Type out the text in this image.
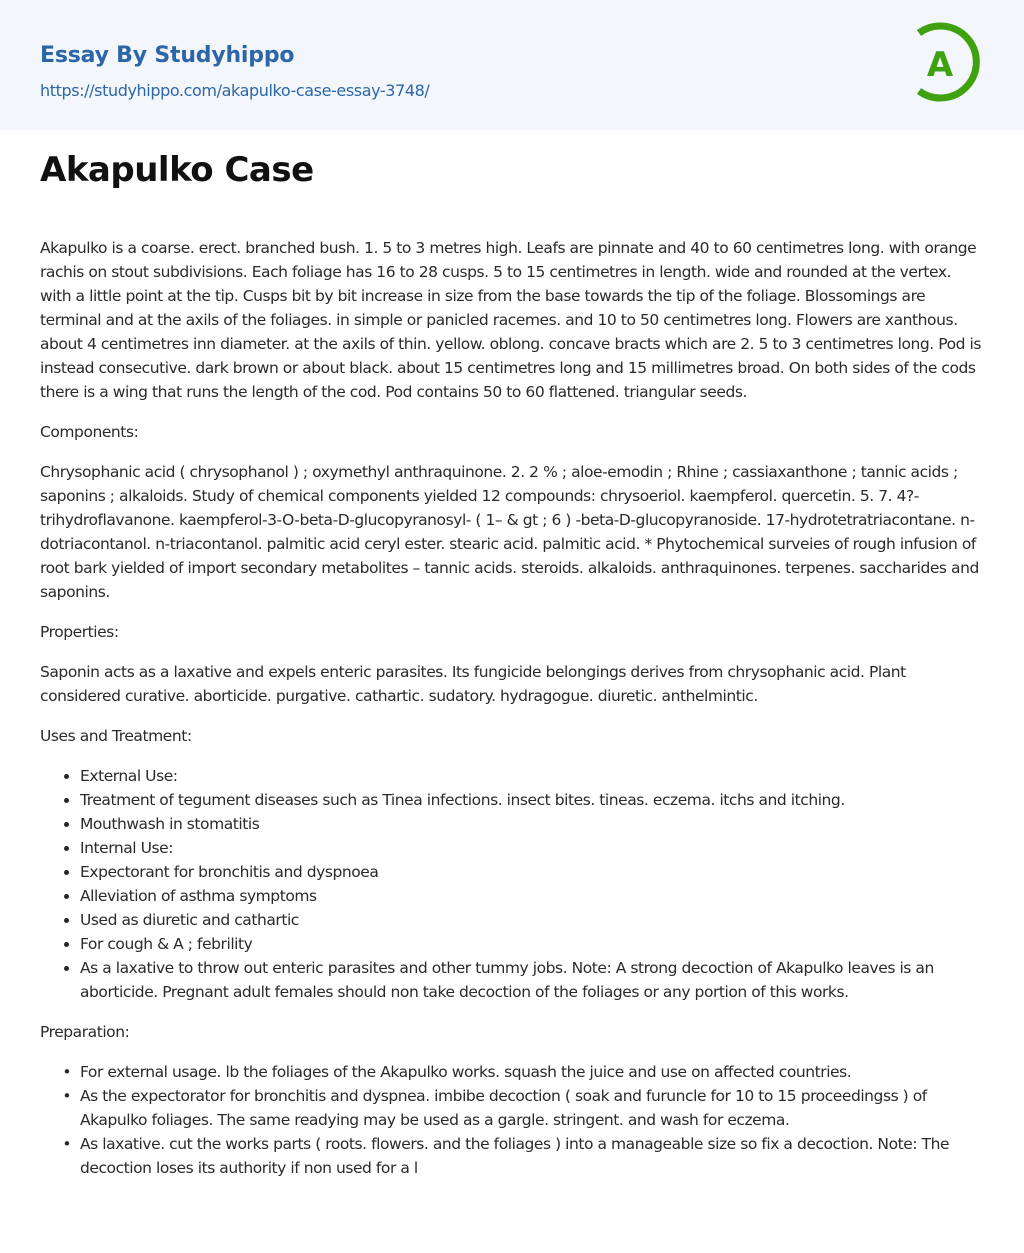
Essay By Studyhippo
https://studyhippo.com/akapulko-case-essay-3748/
A
Akapulko Case

Akapulko is a coarse. erect. branched bush. 1. 5 to 3 metres high. Leafs are pinnate and 40 to 60 centimetres long. with orange rachis on stout subdivisions. Each foliage has 16 to 28 cusps. 5 to 15 centimetres in length. wide and rounded at the vertex. with a little point at the tip. Cusps bit by bit increase in size from the base towards the tip of the foliage. Blossomings are terminal and at the axils of the foliages. in simple or panicled racemes. and 10 to 50 centimetres long. Flowers are xanthous. about 4 centimetres inn diameter. at the axils of thin. yellow. oblong. concave bracts which are 2. 5 to 3 centimetres long. Pod is instead consecutive. dark brown or about black. about 15 centimetres long and 15 millimetres broad. On both sides of the cods there is a wing that runs the length of the cod. Pod contains 50 to 60 flattened. triangular seeds.

Components:

Chrysophanic acid ( chrysophanol ) ; oxymethyl anthraquinone. 2. 2 % ; aloe-emodin ; Rhine ; cassiaxanthone ; tannic acids ; saponins ; alkaloids. Study of chemical components yielded 12 compounds: chrysoeriol. kaempferol. quercetin. 5. 7. 4?-trihydroflavanone. kaempferol-3-O-beta-D-glucopyranosyl- ( 1– & gt ; 6 ) -beta-D-glucopyranoside. 17-hydrotetratriacontane. n-dotriacontanol. n-triacontanol. palmitic acid ceryl ester. stearic acid. palmitic acid. * Phytochemical surveies of rough infusion of root bark yielded of import secondary metabolites – tannic acids. steroids. alkaloids. anthraquinones. terpenes. saccharides and saponins.

Properties:

Saponin acts as a laxative and expels enteric parasites. Its fungicide belongings derives from chrysophanic acid. Plant considered curative. aborticide. purgative. cathartic. sudatory. hydragogue. diuretic. anthelmintic.

Uses and Treatment:

• External Use:
• Treatment of tegument diseases such as Tinea infections. insect bites. tineas. eczema. itchs and itching.
• Mouthwash in stomatitis
• Internal Use:
• Expectorant for bronchitis and dyspnoea
• Alleviation of asthma symptoms
• Used as diuretic and cathartic
• For cough & A ; febrility
• As a laxative to throw out enteric parasites and other tummy jobs. Note: A strong decoction of Akapulko leaves is an aborticide. Pregnant adult females should non take decoction of the foliages or any portion of this works.

Preparation:

• For external usage. lb the foliages of the Akapulko works. squash the juice and use on affected countries.
• As the expectorator for bronchitis and dyspnea. imbibe decoction ( soak and furuncle for 10 to 15 proceedingss ) of Akapulko foliages. The same readying may be used as a gargle. stringent. and wash for eczema.
• As laxative. cut the works parts ( roots. flowers. and the foliages ) into a manageable size so fix a decoction. Note: The decoction loses its authority if non used for a l
